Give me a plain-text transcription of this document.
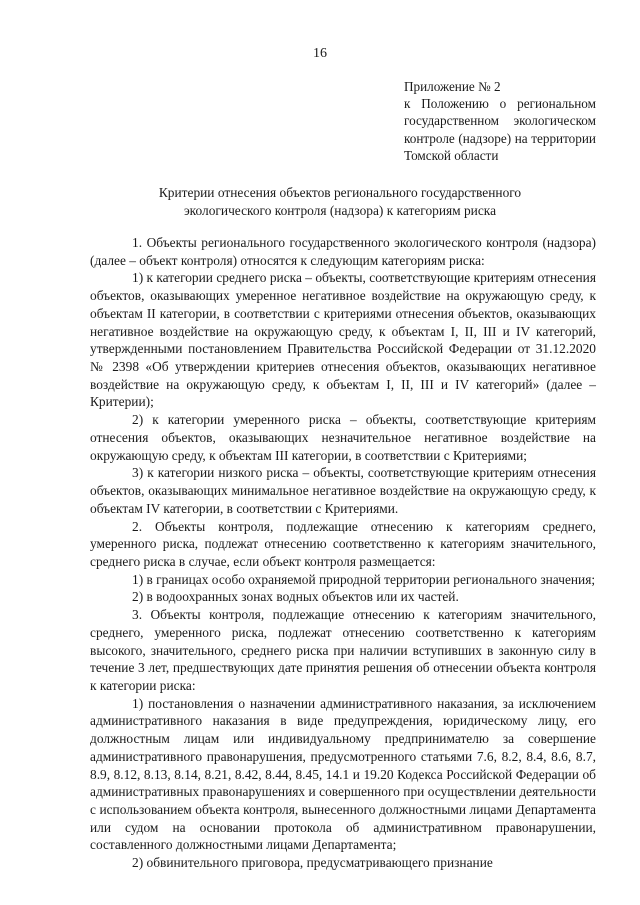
16
Приложение № 2
к Положению о региональном государственном экологическом контроле (надзоре) на территории Томской области
Критерии отнесения объектов регионального государственного
экологического контроля (надзора) к категориям риска

1. Объекты регионального государственного экологического контроля (надзора) (далее – объект контроля) относятся к следующим категориям риска:

1) к категории среднего риска – объекты, соответствующие критериям отнесения объектов, оказывающих умеренное негативное воздействие на окружающую среду, к объектам II категории, в соответствии с критериями отнесения объектов, оказывающих негативное воздействие на окружающую среду, к объектам I, II, III и IV категорий, утвержденными постановлением Правительства Российской Федерации от 31.12.2020 № 2398 «Об утверждении критериев отнесения объектов, оказывающих негативное воздействие на окружающую среду, к объектам I, II, III и IV категорий» (далее – Критерии);

2) к категории умеренного риска – объекты, соответствующие критериям отнесения объектов, оказывающих незначительное негативное воздействие на окружающую среду, к объектам III категории, в соответствии с Критериями;

3) к категории низкого риска – объекты, соответствующие критериям отнесения объектов, оказывающих минимальное негативное воздействие на окружающую среду, к объектам IV категории, в соответствии с Критериями.

2. Объекты контроля, подлежащие отнесению к категориям среднего, умеренного риска, подлежат отнесению соответственно к категориям значительного, среднего риска в случае, если объект контроля размещается:

1) в границах особо охраняемой природной территории регионального значения;

2) в водоохранных зонах водных объектов или их частей.

3. Объекты контроля, подлежащие отнесению к категориям значительного, среднего, умеренного риска, подлежат отнесению соответственно к категориям высокого, значительного, среднего риска при наличии вступивших в законную силу в течение 3 лет, предшествующих дате принятия решения об отнесении объекта контроля к категории риска:

1) постановления о назначении административного наказания, за исключением административного наказания в виде предупреждения, юридическому лицу, его должностным лицам или индивидуальному предпринимателю за совершение административного правонарушения, предусмотренного статьями 7.6, 8.2, 8.4, 8.6, 8.7, 8.9, 8.12, 8.13, 8.14, 8.21, 8.42, 8.44, 8.45, 14.1 и 19.20 Кодекса Российской Федерации об административных правонарушениях и совершенного при осуществлении деятельности с использованием объекта контроля, вынесенного должностными лицами Департамента или судом на основании протокола об административном правонарушении, составленного должностными лицами Департамента;

2) обвинительного приговора, предусматривающего признание
